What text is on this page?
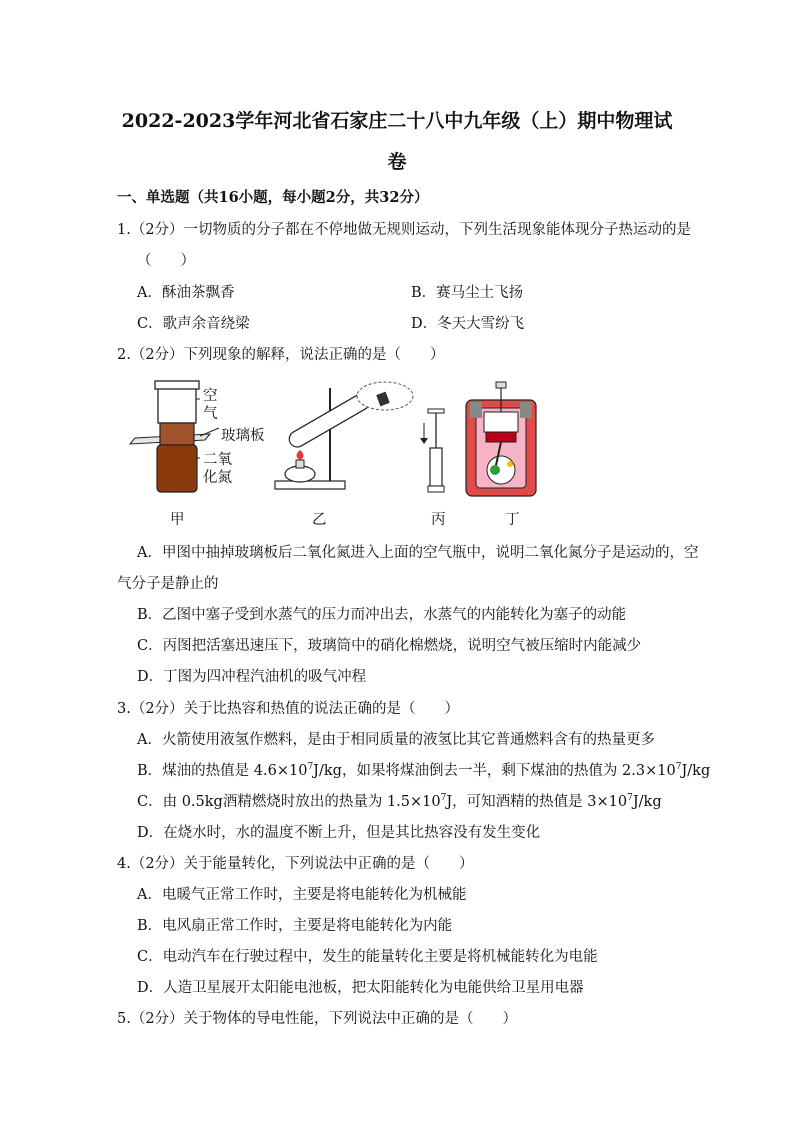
2022-2023学年河北省石家庄二十八中九年级（上）期中物理试
卷
一、单选题（共16小题，每小题2分，共32分）
1.（2分）一切物质的分子都在不停地做无规则运动，下列生活现象能体现分子热运动的是
（　　）
A．酥油茶飘香	B．赛马尘土飞扬
C．歌声余音绕梁	D．冬天大雪纷飞
2.（2分）下列现象的解释，说法正确的是（　　）
空
气
玻璃板
二氧
化氮
甲	乙	丙	丁
A．甲图中抽掉玻璃板后二氧化氮进入上面的空气瓶中，说明二氧化氮分子是运动的，空
气分子是静止的
B．乙图中塞子受到水蒸气的压力而冲出去，水蒸气的内能转化为塞子的动能
C．丙图把活塞迅速压下，玻璃筒中的硝化棉燃烧，说明空气被压缩时内能减少
D．丁图为四冲程汽油机的吸气冲程
3.（2分）关于比热容和热值的说法正确的是（　　）
A．火箭使用液氢作燃料，是由于相同质量的液氢比其它普通燃料含有的热量更多
B．煤油的热值是 $4.6\times 10^7J/kg$，如果将煤油倒去一半，剩下煤油的热值为 $2.3\times 10^7J/kg$
C．由 0.5kg酒精燃烧时放出的热量为 $1.5\times 10^7J$，可知酒精的热值是 $3\times 10^7J/kg$
D．在烧水时，水的温度不断上升，但是其比热容没有发生变化
4.（2分）关于能量转化，下列说法中正确的是（　　）
A．电暖气正常工作时，主要是将电能转化为机械能
B．电风扇正常工作时，主要是将电能转化为内能
C．电动汽车在行驶过程中，发生的能量转化主要是将机械能转化为电能
D．人造卫星展开太阳能电池板，把太阳能转化为电能供给卫星用电器
5.（2分）关于物体的导电性能，下列说法中正确的是（　　）
